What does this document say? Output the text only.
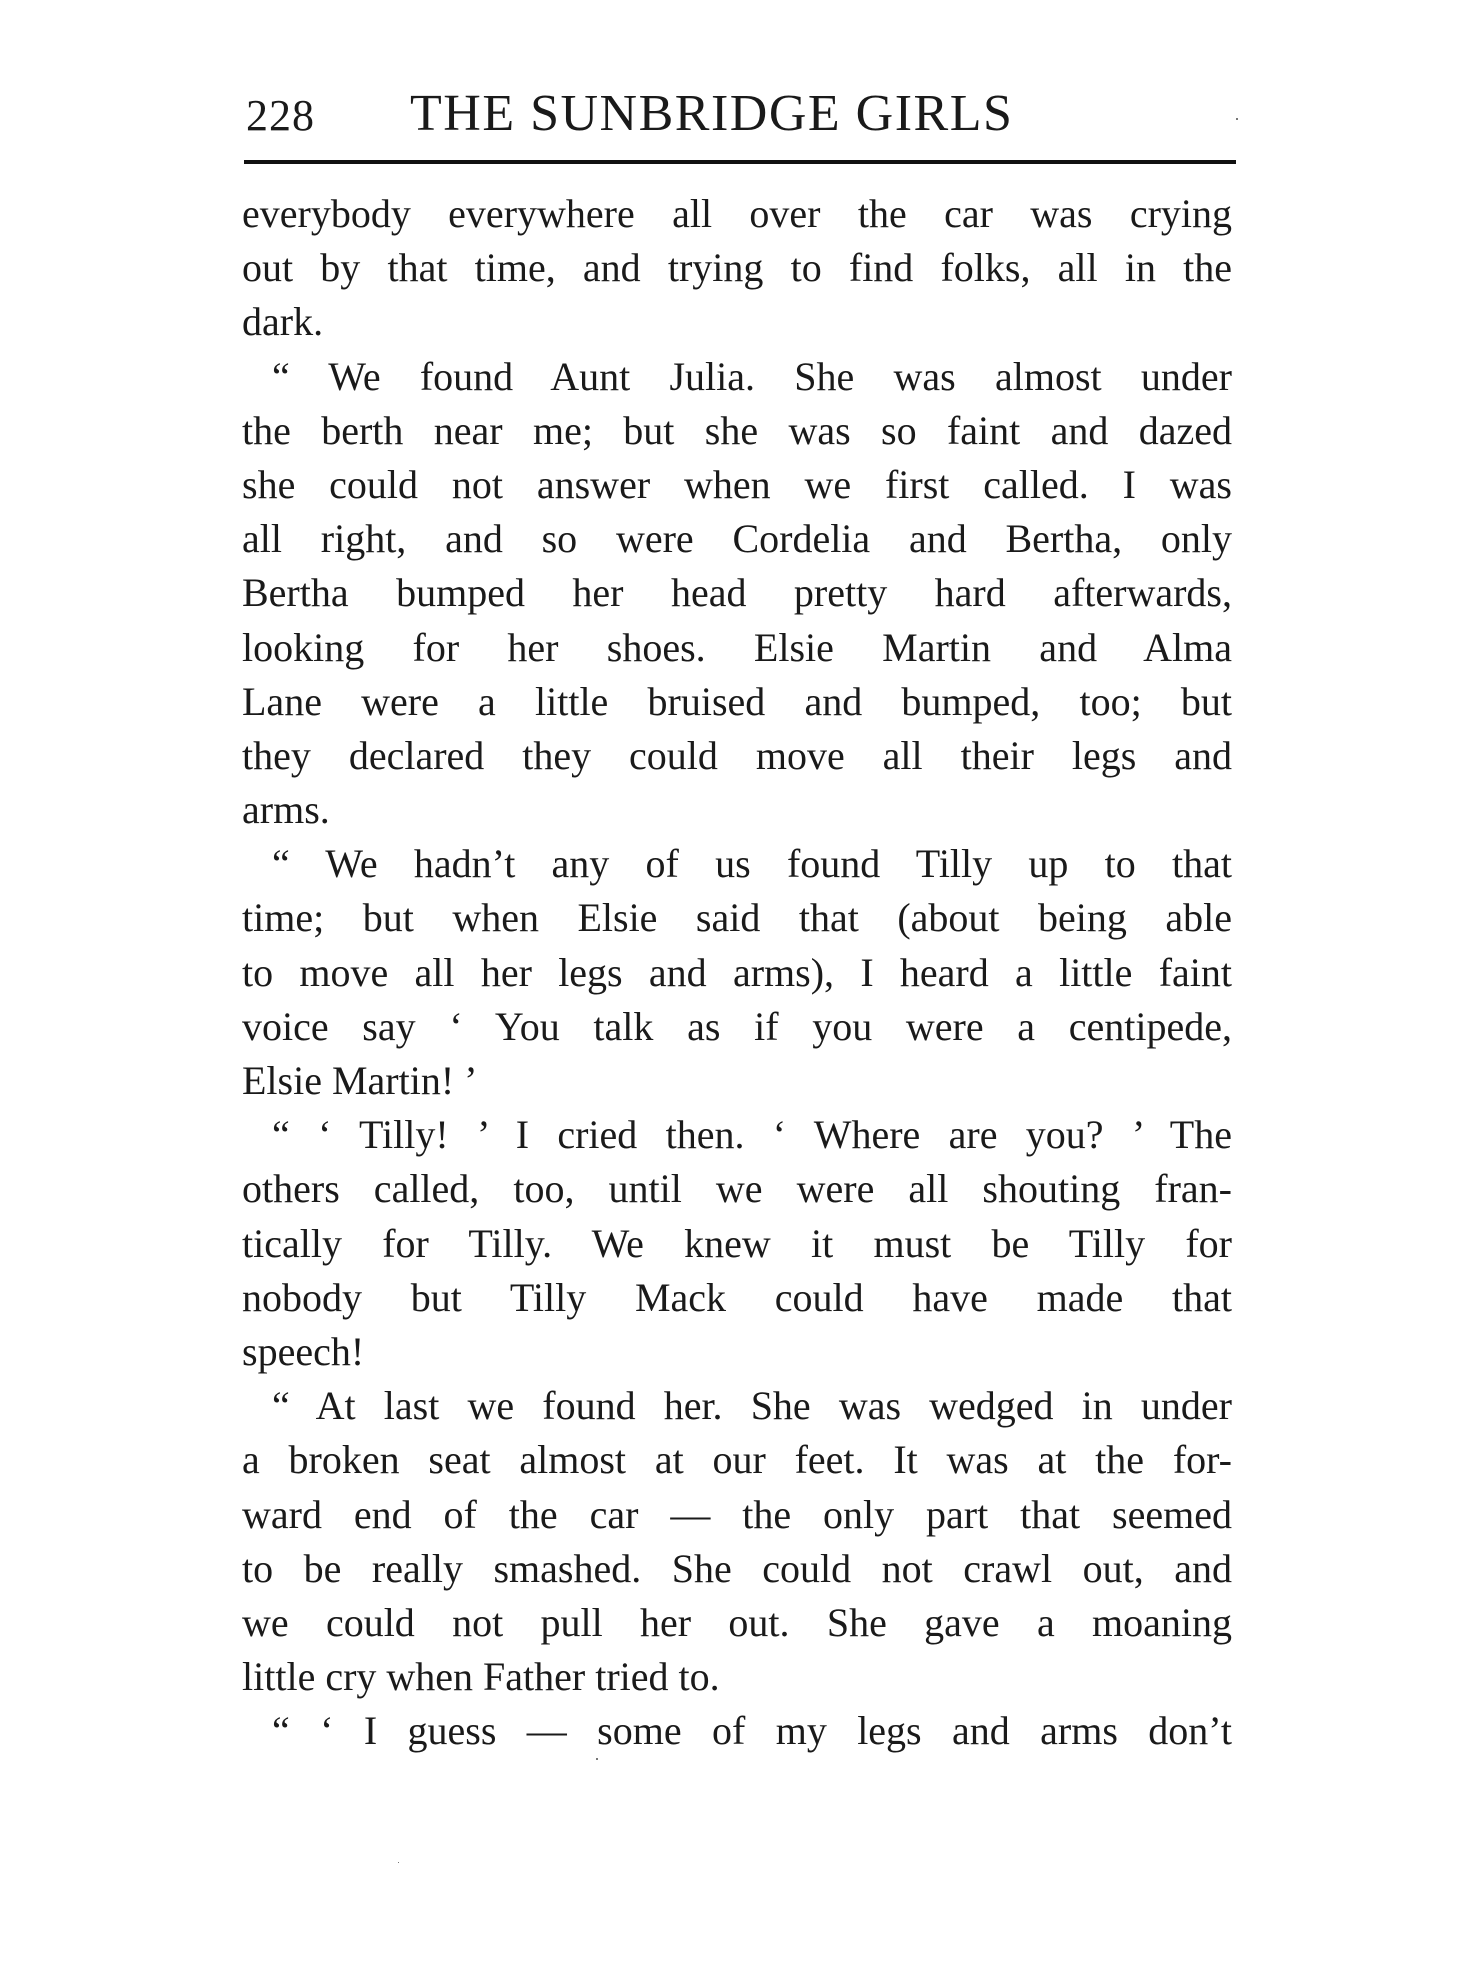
228 THE SUNBRIDGE GIRLS
everybody everywhere all over the car was crying
out by that time, and trying to find folks, all in the
dark.
“ We found Aunt Julia. She was almost under
the berth near me; but she was so faint and dazed
she could not answer when we first called. I was
all right, and so were Cordelia and Bertha, only
Bertha bumped her head pretty hard afterwards,
looking for her shoes. Elsie Martin and Alma
Lane were a little bruised and bumped, too; but
they declared they could move all their legs and
arms.
“ We hadn’t any of us found Tilly up to that
time; but when Elsie said that (about being able
to move all her legs and arms), I heard a little faint
voice say ‘ You talk as if you were a centipede,
Elsie Martin! ’
“ ‘ Tilly! ’ I cried then. ‘ Where are you? ’ The
others called, too, until we were all shouting fran-
tically for Tilly. We knew it must be Tilly for
nobody but Tilly Mack could have made that
speech!
“ At last we found her. She was wedged in under
a broken seat almost at our feet. It was at the for-
ward end of the car — the only part that seemed
to be really smashed. She could not crawl out, and
we could not pull her out. She gave a moaning
little cry when Father tried to.
“ ‘ I guess — some of my legs and arms don’t
